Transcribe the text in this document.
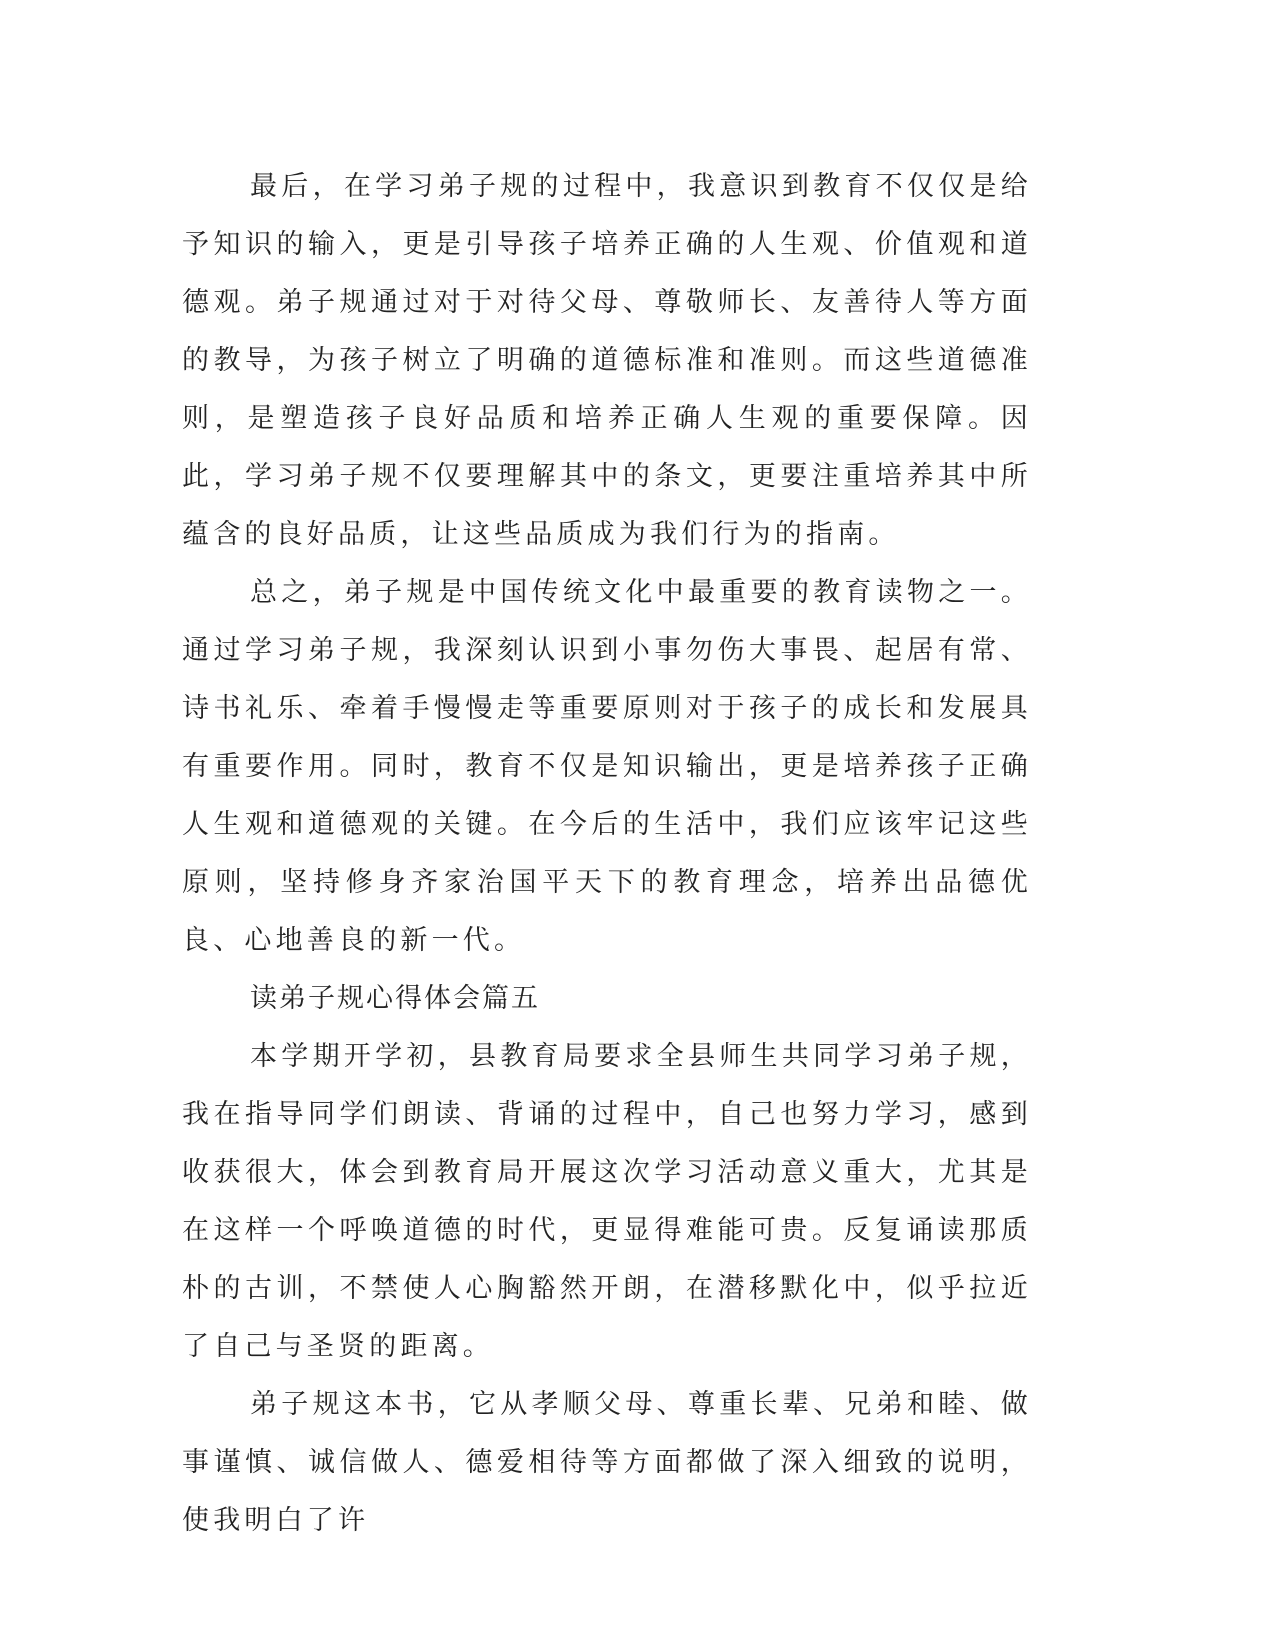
最后，在学习弟子规的过程中，我意识到教育不仅仅是给予知识的输入，更是引导孩子培养正确的人生观、价值观和道德观。弟子规通过对于对待父母、尊敬师长、友善待人等方面的教导，为孩子树立了明确的道德标准和准则。而这些道德准则，是塑造孩子良好品质和培养正确人生观的重要保障。因此，学习弟子规不仅要理解其中的条文，更要注重培养其中所蕴含的良好品质，让这些品质成为我们行为的指南。

总之，弟子规是中国传统文化中最重要的教育读物之一。通过学习弟子规，我深刻认识到小事勿伤大事畏、起居有常、诗书礼乐、牵着手慢慢走等重要原则对于孩子的成长和发展具有重要作用。同时，教育不仅是知识输出，更是培养孩子正确人生观和道德观的关键。在今后的生活中，我们应该牢记这些原则，坚持修身齐家治国平天下的教育理念，培养出品德优良、心地善良的新一代。

读弟子规心得体会篇五

本学期开学初，县教育局要求全县师生共同学习弟子规，我在指导同学们朗读、背诵的过程中，自己也努力学习，感到收获很大，体会到教育局开展这次学习活动意义重大，尤其是在这样一个呼唤道德的时代，更显得难能可贵。反复诵读那质朴的古训，不禁使人心胸豁然开朗，在潜移默化中，似乎拉近了自己与圣贤的距离。

弟子规这本书，它从孝顺父母、尊重长辈、兄弟和睦、做事谨慎、诚信做人、德爱相待等方面都做了深入细致的说明，使我明白了许
